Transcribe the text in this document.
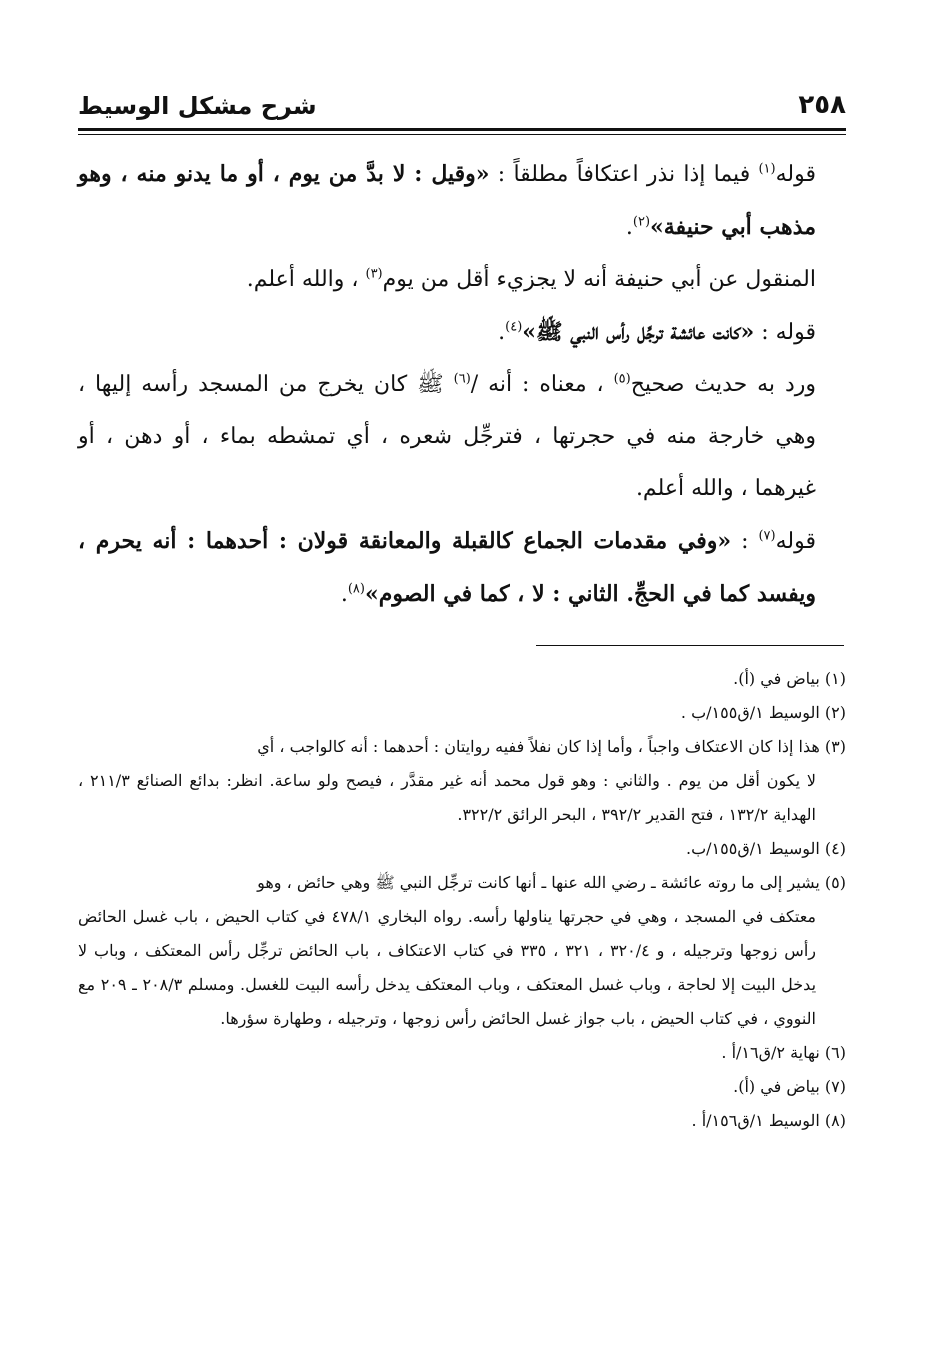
٢٥٨
شرح مشكل الوسيط

قوله$^{(١)}$ فيما إذا نذر اعتكافاً مطلقاً : «وقيل : لا بدَّ من يوم ، أو ما يدنو منه ، وهو مذهب أبي حنيفة»$^{(٢)}$.

المنقول عن أبي حنيفة أنه لا يجزيء أقل من يوم$^{(٣)}$ ، والله أعلم.

قوله : «كانت عائشة ترجِّل رأس النبي ﷺ»$^{(٤)}$.

ورد به حديث صحيح$^{(٥)}$ ، معناه : أنه /$^{(٦)}$ ﷺ كان يخرج من المسجد رأسه إليها ، وهي خارجة منه في حجرتها ، فترجِّل شعره ، أي تمشطه بماء ، أو دهن ، أو غيرهما ، والله أعلم.

قوله$^{(٧)}$ : «وفي مقدمات الجماع كالقبلة والمعانقة قولان : أحدهما : أنه يحرم ، ويفسد كما في الحجِّ. الثاني : لا ، كما في الصوم»$^{(٨)}$.

(١) بياض في (أ).

(٢) الوسيط ١/ق١٥٥/ب .

(٣) هذا إذا كان الاعتكاف واجباً ، وأما إذا كان نفلاً ففيه روايتان : أحدهما : أنه كالواجب ، أي

لا يكون أقل من يوم . والثاني : وهو قول محمد أنه غير مقدَّر ، فيصح ولو ساعة. انظر: بدائع الصنائع ٢١١/٣ ، الهداية ١٣٢/٢ ، فتح القدير ٣٩٢/٢ ، البحر الرائق ٣٢٢/٢.

(٤) الوسيط ١/ق١٥٥/ب.

(٥) يشير إلى ما روته عائشة ـ رضي الله عنها ـ أنها كانت ترجِّل النبي ﷺ وهي حائض ، وهو

معتكف في المسجد ، وهي في حجرتها يناولها رأسه. رواه البخاري ٤٧٨/١ في كتاب الحيض ، باب غسل الحائض رأس زوجها وترجيله ، و ٣٢٠/٤ ، ٣٢١ ، ٣٣٥ في كتاب الاعتكاف ، باب الحائض ترجِّل رأس المعتكف ، وباب لا يدخل البيت إلا لحاجة ، وباب غسل المعتكف ، وباب المعتكف يدخل رأسه البيت للغسل. ومسلم ٢٠٨/٣ ـ ٢٠٩ مع النووي ، في كتاب الحيض ، باب جواز غسل الحائض رأس زوجها ، وترجيله ، وطهارة سؤرها.

(٦) نهاية ٢/ق١٦/أ .

(٧) بياض في (أ).

(٨) الوسيط ١/ق١٥٦/أ .
